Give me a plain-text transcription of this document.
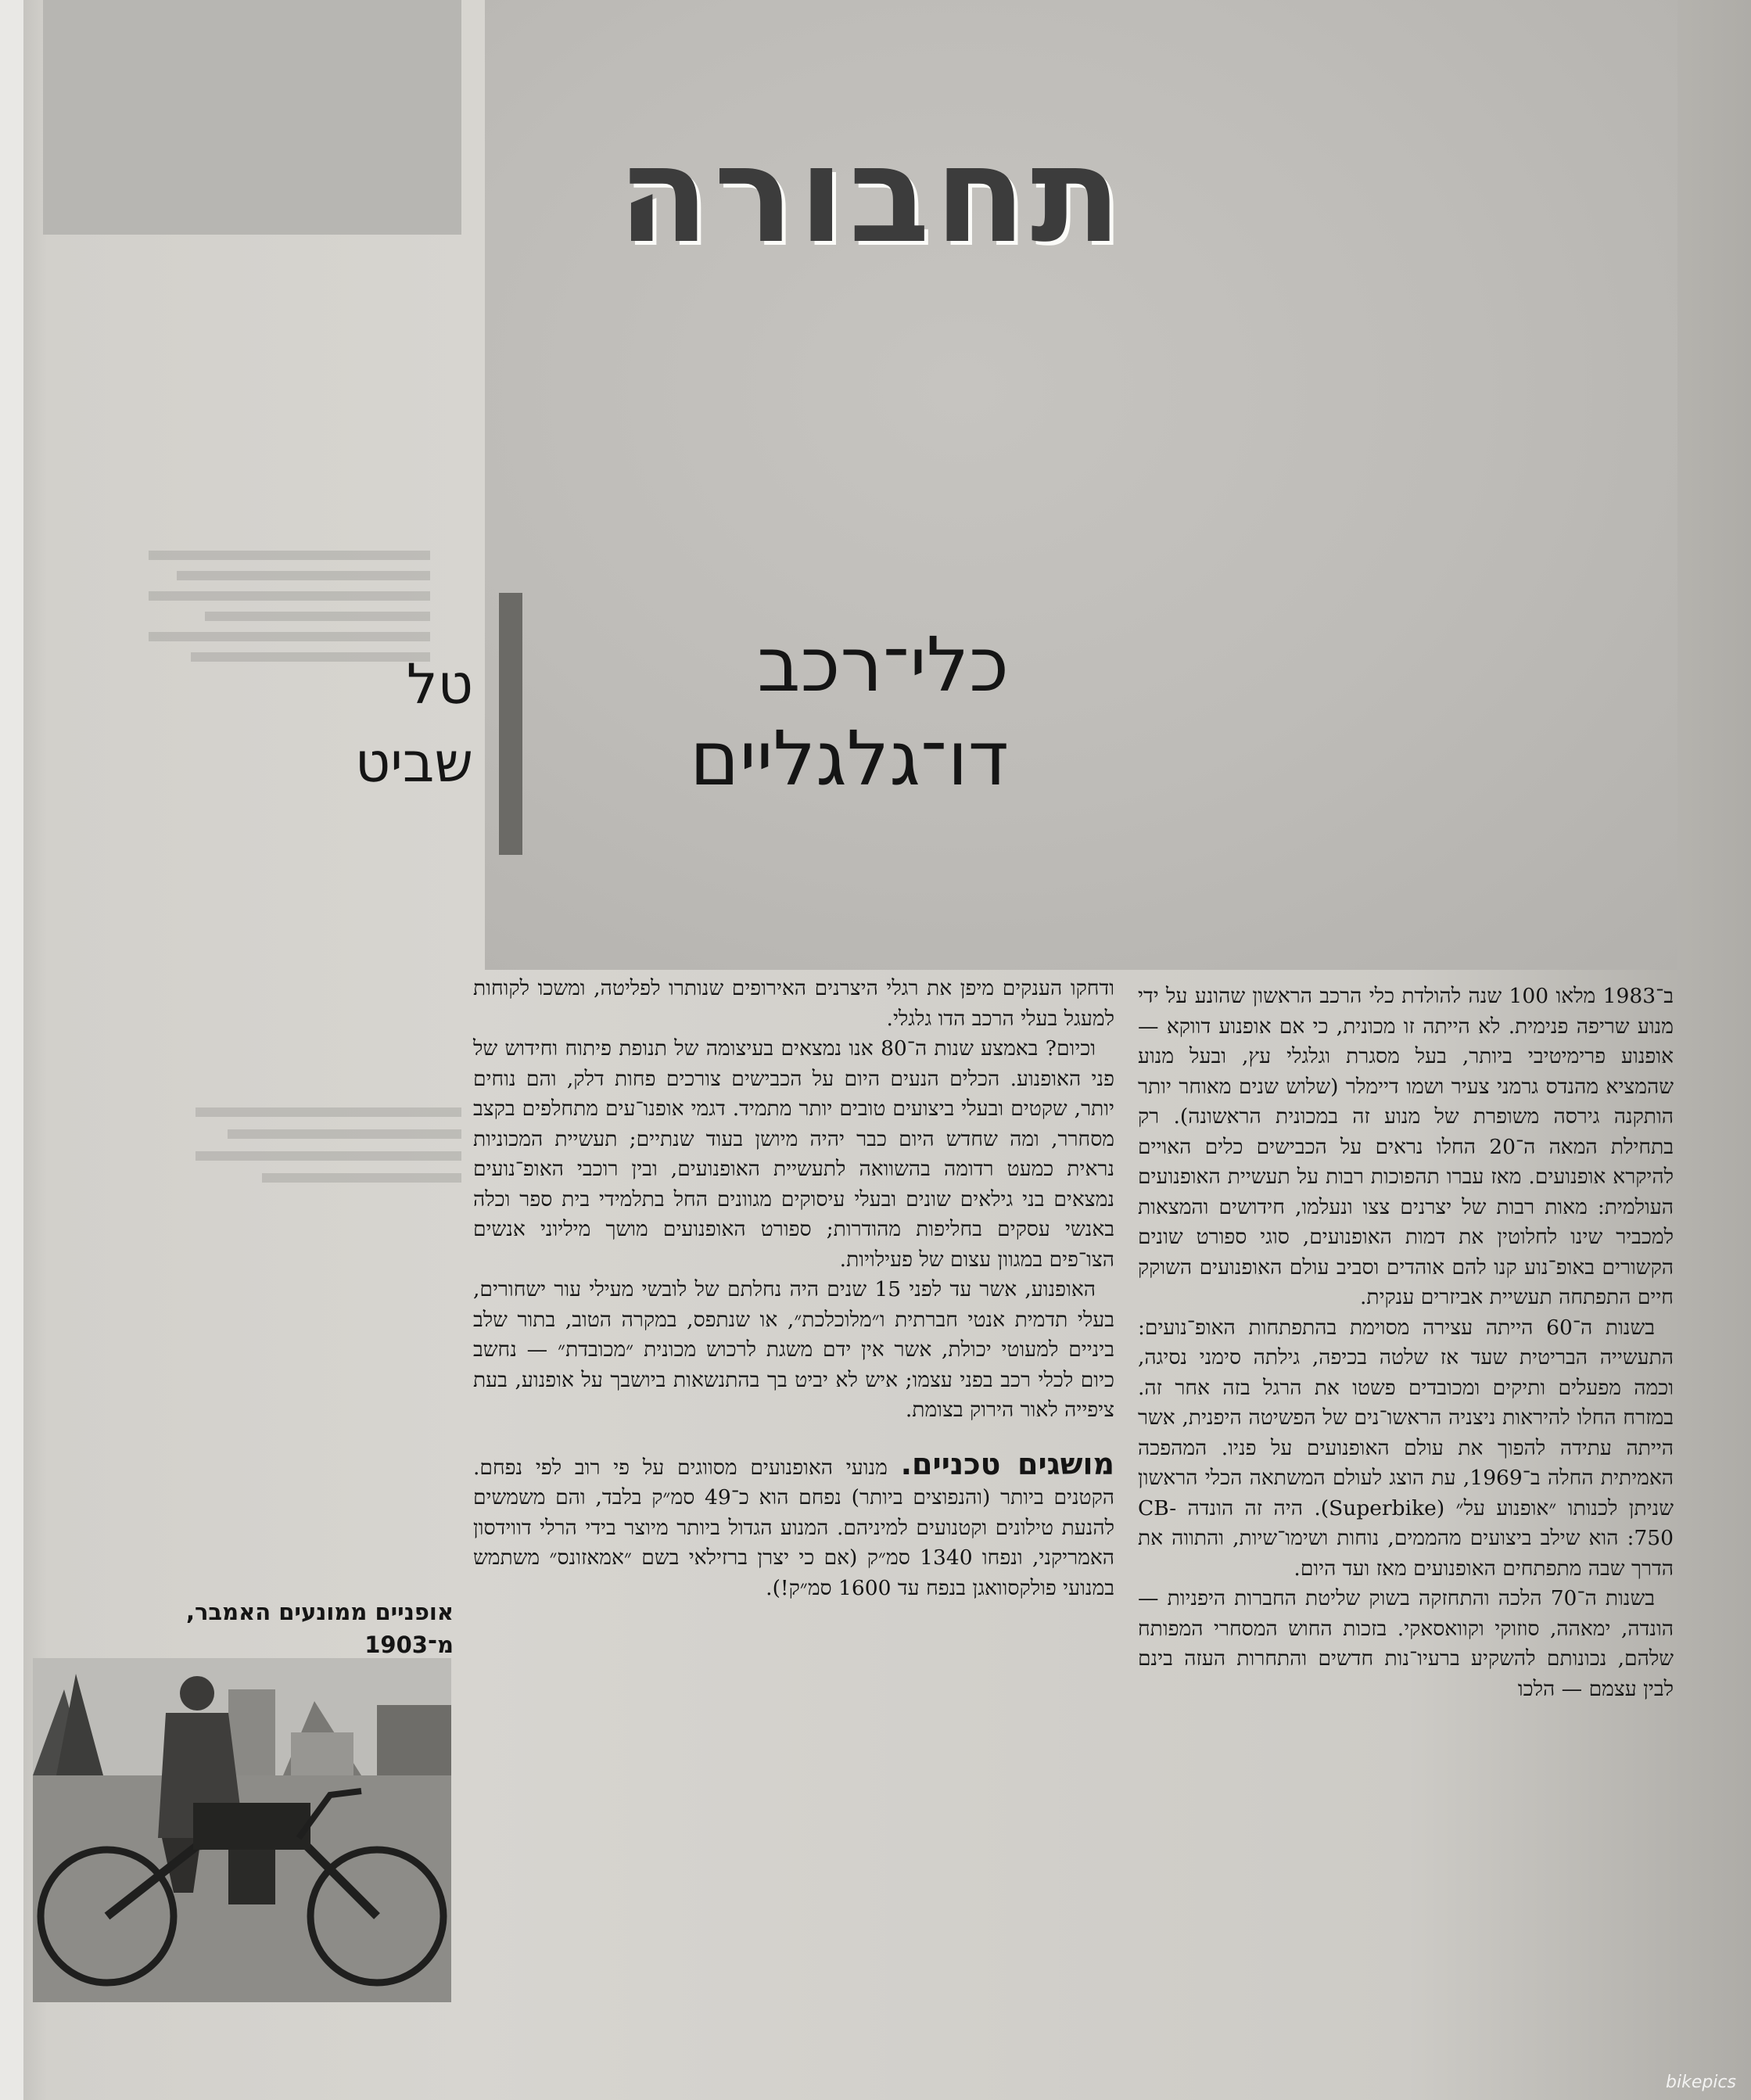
תחבורה
כלי־רכב
דו־גלגליים
טל
שביט

ב־1983 מלאו 100 שנה להולדת כלי הרכב הראשון שהונע על ידי מנוע שריפה פנימית. לא הייתה זו מכונית, כי אם אופנוע דווקא — אופנוע פרימיטיבי ביותר, בעל מסגרת וגלגלי עץ, ובעל מנוע שהמציא מהנדס גרמני צעיר ושמו דיימלר (שלוש שנים מאוחר יותר הותקנה גירסה משופרת של מנוע זה במכונית הראשונה). רק בתחילת המאה ה־20 החלו נראים על הכבישים כלים האויים להיקרא אופנועים. מאז עברו תהפוכות רבות על תעשיית האופנועים העולמית: מאות רבות של יצרנים צצו ונעלמו, חידושים והמצאות למכביר שינו לחלוטין את דמות האופנועים, סוגי ספורט שונים הקשורים באופ־נוע קנו להם אוהדים וסביב עולם האופנועים השוקק חיים התפתחה תעשיית אביזרים ענקית.

בשנות ה־60 הייתה עצירה מסוימת בהתפתחות האופ־נועים: התעשייה הבריטית שעד אז שלטה בכיפה, גילתה סימני נסיגה, וכמה מפעלים ותיקים ומכובדים פשטו את הרגל בזה אחר זה. במזרח החלו להיראות ניצניה הראשו־נים של הפשיטה היפנית, אשר הייתה עתידה להפוך את עולם האופנועים על פניו. המהפכה האמיתית החלה ב־1969, עת הוצג לעולם המשתאה הכלי הראשון שניתן לכנותו ״אופנוע על״ (Superbike). היה זה הונדה CB-750: הוא שילב ביצועים מהממים, נוחות ושימו־שיות, והתווה את הדרך שבה מתפתחים האופנועים מאז ועד היום.

בשנות ה־70 הלכה והתחזקה בשוק שליטת החברות היפניות — הונדה, ימאהה, סוזוקי וקוואסאקי. בזכות החוש המסחרי המפותח שלהם, נכונותם להשקיע ברעיו־נות חדשים והתחרות העזה בינם לבין עצמם — הלכו

ודחקו הענקים מיפן את רגלי היצרנים האירופים שנותרו לפליטה, ומשכו לקוחות למעגל בעלי הרכב הדו גלגלי.

וכיום? באמצע שנות ה־80 אנו נמצאים בעיצומה של תנופת פיתוח וחידוש של פני האופנוע. הכלים הנעים היום על הכבישים צורכים פחות דלק, והם נוחים יותר, שקטים ובעלי ביצועים טובים יותר מתמיד. דגמי אופנו־עים מתחלפים בקצב מסחרר, ומה שחדש היום כבר יהיה מיושן בעוד שנתיים; תעשיית המכוניות נראית כמעט רדומה בהשוואה לתעשיית האופנועים, ובין רוכבי האופ־נועים נמצאים בני גילאים שונים ובעלי עיסוקים מגוונים החל בתלמידי בית ספר וכלה באנשי עסקים בחליפות מהודרות; ספורט האופנועים מושך מיליוני אנשים הצו־פים במגוון עצום של פעילויות.

האופנוע, אשר עד לפני 15 שנים היה נחלתם של לובשי מעילי עור ישחורים, בעלי תדמית אנטי חברתית ו״מלוכלכת״, או שנתפס, במקרה הטוב, בתור שלב ביניים למעוטי יכולת, אשר אין ידם משגת לרכוש מכונית ״מכובדת״ — נחשב כיום לכלי רכב בפני עצמו; איש לא יביט בך בהתנשאות ביושבך על אופנוע, בעת ציפייה לאור הירוק בצומת.

מושגים טכניים. מנועי האופנועים מסווגים על פי רוב לפי נפחם. הקטנים ביותר (והנפוצים ביותר) נפחם הוא כ־49 סמ״ק בלבד, והם משמשים להנעת טילונים וקטנועים למיניהם. המנוע הגדול ביותר מיוצר בידי הרלי דווידסון האמריקני, ונפחו 1340 סמ״ק (אם כי יצרן ברזילאי בשם ״אמאזונס״ משתמש במנועי פולקסוואגן בנפח עד 1600 סמ״ק!).

אופניים ממונעים האמבר,
מ־1903
bikepics
